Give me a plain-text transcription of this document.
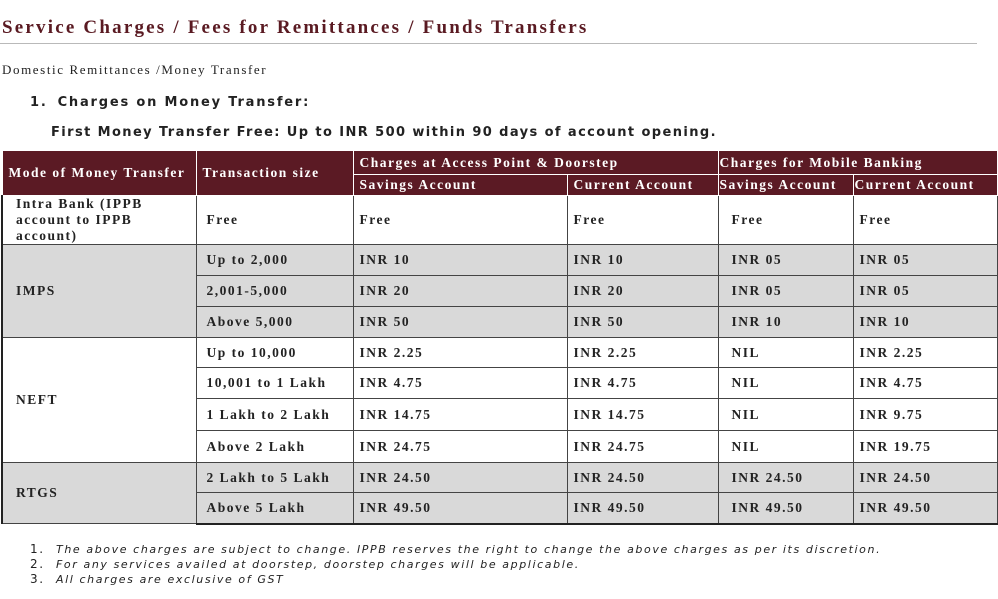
Service Charges / Fees for Remittances / Funds Transfers
Domestic Remittances /Money Transfer
1. Charges on Money Transfer:
First Money Transfer Free: Up to INR 500 within 90 days of account opening.
Mode of Money Transfer	Transaction size	Charges at Access Point & Doorstep		Charges for Mobile Banking	
		Savings Account	Current Account	Savings Account	Current Account
Intra Bank (IPPB account to IPPB account)	Free	Free	Free	Free	Free
IMPS	Up to 2,000	INR 10	INR 10	INR 05	INR 05
	2,001-5,000	INR 20	INR 20	INR 05	INR 05
	Above 5,000	INR 50	INR 50	INR 10	INR 10
NEFT	Up to 10,000	INR 2.25	INR 2.25	NIL	INR 2.25
	10,001 to 1 Lakh	INR 4.75	INR 4.75	NIL	INR 4.75
	1 Lakh to 2 Lakh	INR 14.75	INR 14.75	NIL	INR 9.75
	Above 2 Lakh	INR 24.75	INR 24.75	NIL	INR 19.75
RTGS	2 Lakh to 5 Lakh	INR 24.50	INR 24.50	INR 24.50	INR 24.50
	Above 5 Lakh	INR 49.50	INR 49.50	INR 49.50	INR 49.50
1. The above charges are subject to change. IPPB reserves the right to change the above charges as per its discretion.
2. For any services availed at doorstep, doorstep charges will be applicable.
3. All charges are exclusive of GST
